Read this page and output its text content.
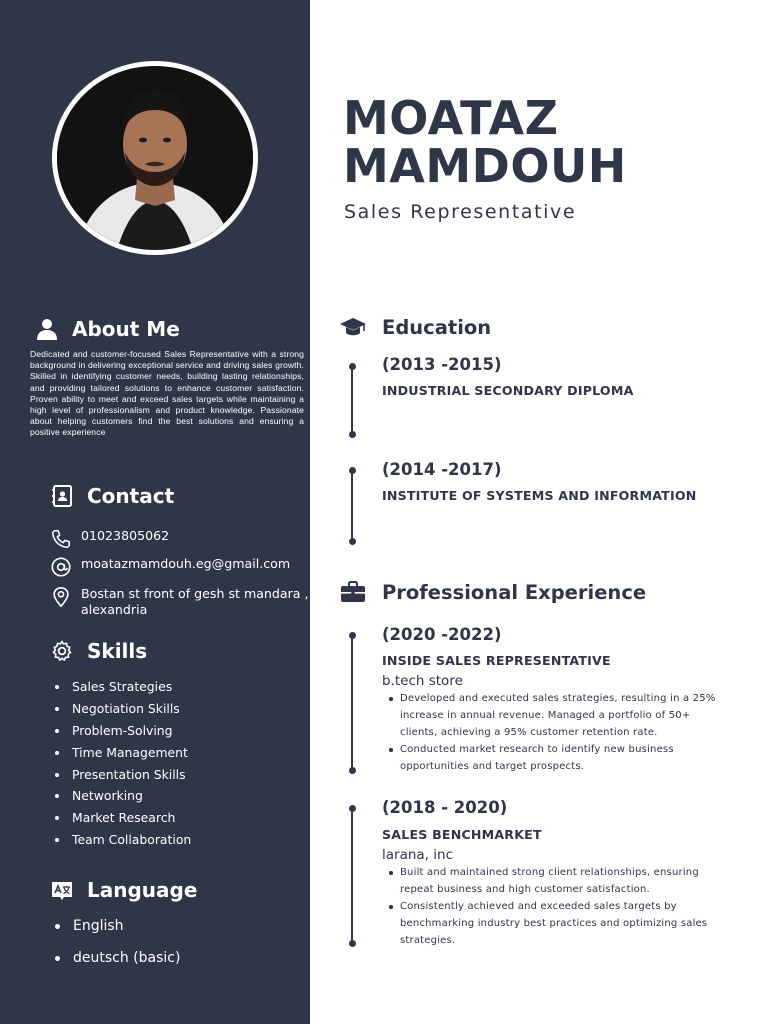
About Me

Dedicated and customer-focused Sales Representative with a strong background in delivering exceptional service and driving sales growth. Skilled in identifying customer needs, building lasting relationships, and providing tailored solutions to enhance customer satisfaction. Proven ability to meet and exceed sales targets while maintaining a high level of professionalism and product knowledge. Passionate about helping customers find the best solutions and ensuring a positive experience

Contact
01023805062
moatazmamdouh.eg@gmail.com
Bostan st front of gesh st mandara , alexandria
Skills
Sales Strategies
Negotiation Skills
Problem-Solving
Time Management
Presentation Skills
Networking
Market Research
Team Collaboration
Language
English
deutsch (basic)
MOATAZ
MAMDOUH
Sales Representative
Education
(2013 -2015)
INDUSTRIAL SECONDARY DIPLOMA
(2014 -2017)
INSTITUTE OF SYSTEMS AND INFORMATION
Professional Experience
(2020 -2022)
INSIDE SALES REPRESENTATIVE
b.tech store
Developed and executed sales strategies, resulting in a 25% increase in annual revenue. Managed a portfolio of 50+ clients, achieving a 95% customer retention rate.
Conducted market research to identify new business opportunities and target prospects.
(2018 - 2020)
SALES BENCHMARKET
larana, inc
Built and maintained strong client relationships, ensuring repeat business and high customer satisfaction.
Consistently achieved and exceeded sales targets by benchmarking industry best practices and optimizing sales strategies.
